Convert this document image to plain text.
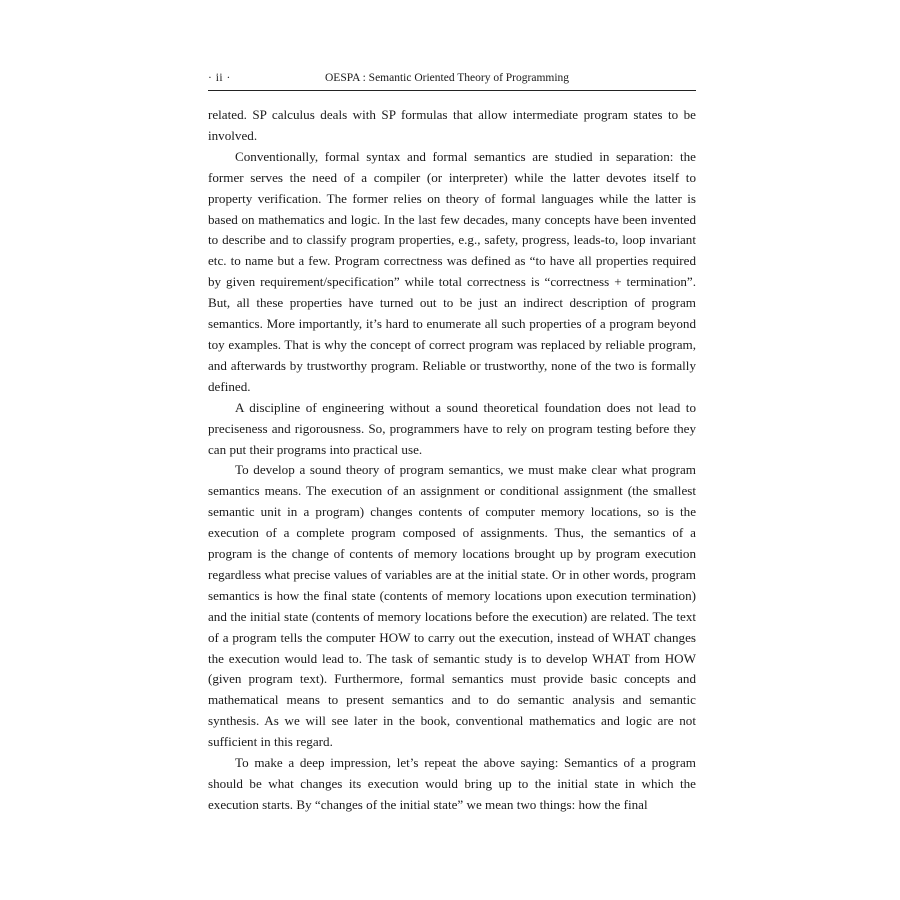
· ii ·	OESPA : Semantic Oriented Theory of Programming

related. SP calculus deals with SP formulas that allow intermediate program states to be involved.

Conventionally, formal syntax and formal semantics are studied in separation: the former serves the need of a compiler (or interpreter) while the latter devotes itself to property verification. The former relies on theory of formal languages while the latter is based on mathematics and logic. In the last few decades, many concepts have been invented to describe and to classify program properties, e.g., safety, progress, leads-to, loop invariant etc. to name but a few. Program correctness was defined as “to have all properties required by given requirement/specification” while total correctness is “correctness + termination”. But, all these properties have turned out to be just an indirect description of program semantics. More importantly, it’s hard to enumerate all such properties of a program beyond toy examples. That is why the concept of correct program was replaced by reliable program, and afterwards by trustworthy program. Reliable or trustworthy, none of the two is formally defined.

A discipline of engineering without a sound theoretical foundation does not lead to preciseness and rigorousness. So, programmers have to rely on program testing before they can put their programs into practical use.

To develop a sound theory of program semantics, we must make clear what program semantics means. The execution of an assignment or conditional assignment (the smallest semantic unit in a program) changes contents of computer memory locations, so is the execution of a complete program composed of assignments. Thus, the semantics of a program is the change of contents of memory locations brought up by program execution regardless what precise values of variables are at the initial state. Or in other words, program semantics is how the final state (contents of memory locations upon execution termination) and the initial state (contents of memory locations before the execution) are related. The text of a program tells the computer HOW to carry out the execution, instead of WHAT changes the execution would lead to. The task of semantic study is to develop WHAT from HOW (given program text). Furthermore, formal semantics must provide basic concepts and mathematical means to present semantics and to do semantic analysis and semantic synthesis. As we will see later in the book, conventional mathematics and logic are not sufficient in this regard.

To make a deep impression, let’s repeat the above saying: Semantics of a program should be what changes its execution would bring up to the initial state in which the execution starts. By “changes of the initial state” we mean two things: how the final
